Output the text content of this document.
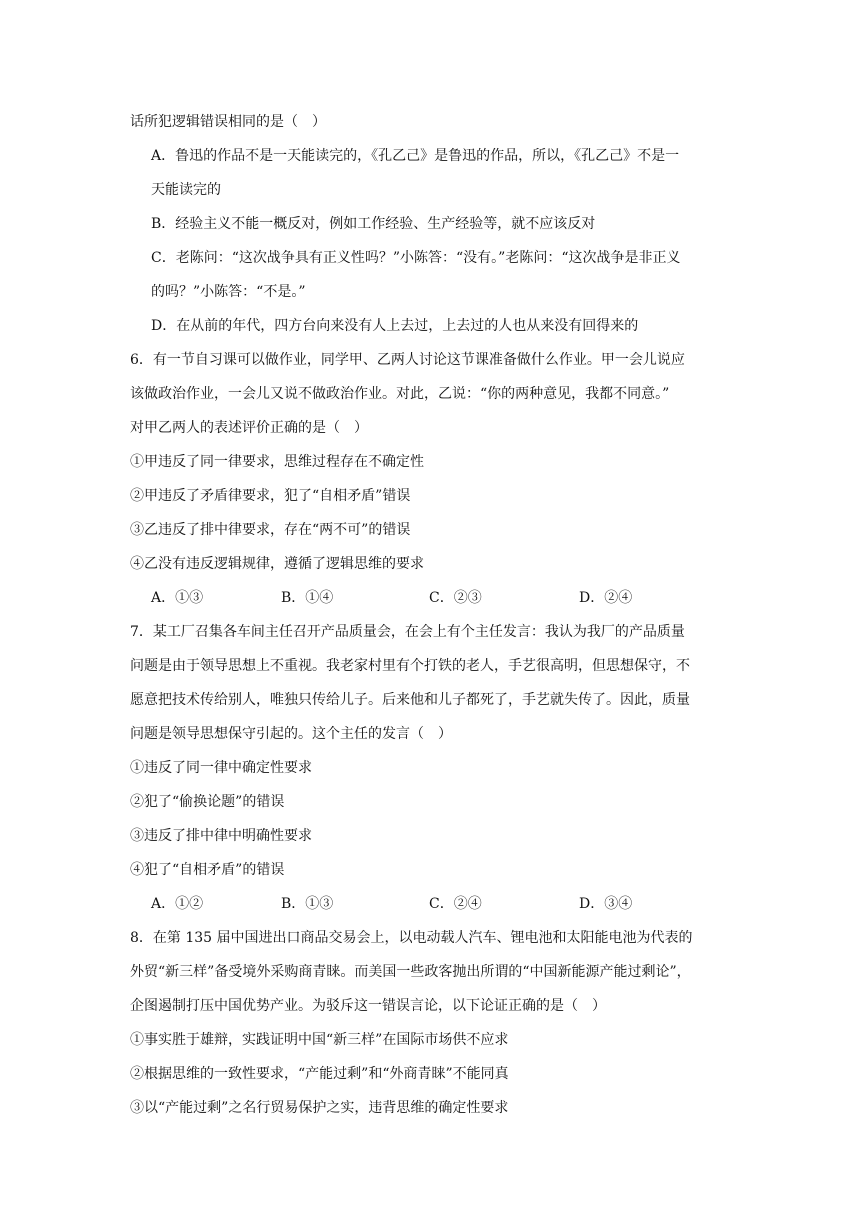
话所犯逻辑错误相同的是（　）
A．鲁迅的作品不是一天能读完的，《孔乙己》是鲁迅的作品，所以，《孔乙己》不是一
天能读完的
B．经验主义不能一概反对，例如工作经验、生产经验等，就不应该反对
C．老陈问：“这次战争具有正义性吗？”小陈答：“没有。”老陈问：“这次战争是非正义
的吗？”小陈答：“不是。”
D．在从前的年代，四方台向来没有人上去过，上去过的人也从来没有回得来的
6．有一节自习课可以做作业，同学甲、乙两人讨论这节课准备做什么作业。甲一会儿说应
该做政治作业，一会儿又说不做政治作业。对此，乙说：“你的两种意见，我都不同意。”
对甲乙两人的表述评价正确的是（　）
①甲违反了同一律要求，思维过程存在不确定性
②甲违反了矛盾律要求，犯了“自相矛盾”错误
③乙违反了排中律要求，存在“两不可”的错误
④乙没有违反逻辑规律，遵循了逻辑思维的要求
A．①③	B．①④	C．②③	D．②④
7．某工厂召集各车间主任召开产品质量会，在会上有个主任发言：我认为我厂的产品质量
问题是由于领导思想上不重视。我老家村里有个打铁的老人，手艺很高明，但思想保守，不
愿意把技术传给别人，唯独只传给儿子。后来他和儿子都死了，手艺就失传了。因此，质量
问题是领导思想保守引起的。这个主任的发言（　）
①违反了同一律中确定性要求
②犯了“偷换论题”的错误
③违反了排中律中明确性要求
④犯了“自相矛盾”的错误
A．①②	B．①③	C．②④	D．③④
8．在第 135 届中国进出口商品交易会上，以电动载人汽车、锂电池和太阳能电池为代表的
外贸“新三样”备受境外采购商青睐。而美国一些政客抛出所谓的“中国新能源产能过剩论”，
企图遏制打压中国优势产业。为驳斥这一错误言论，以下论证正确的是（　）
①事实胜于雄辩，实践证明中国“新三样”在国际市场供不应求
②根据思维的一致性要求，“产能过剩”和“外商青睐”不能同真
③以“产能过剩”之名行贸易保护之实，违背思维的确定性要求
